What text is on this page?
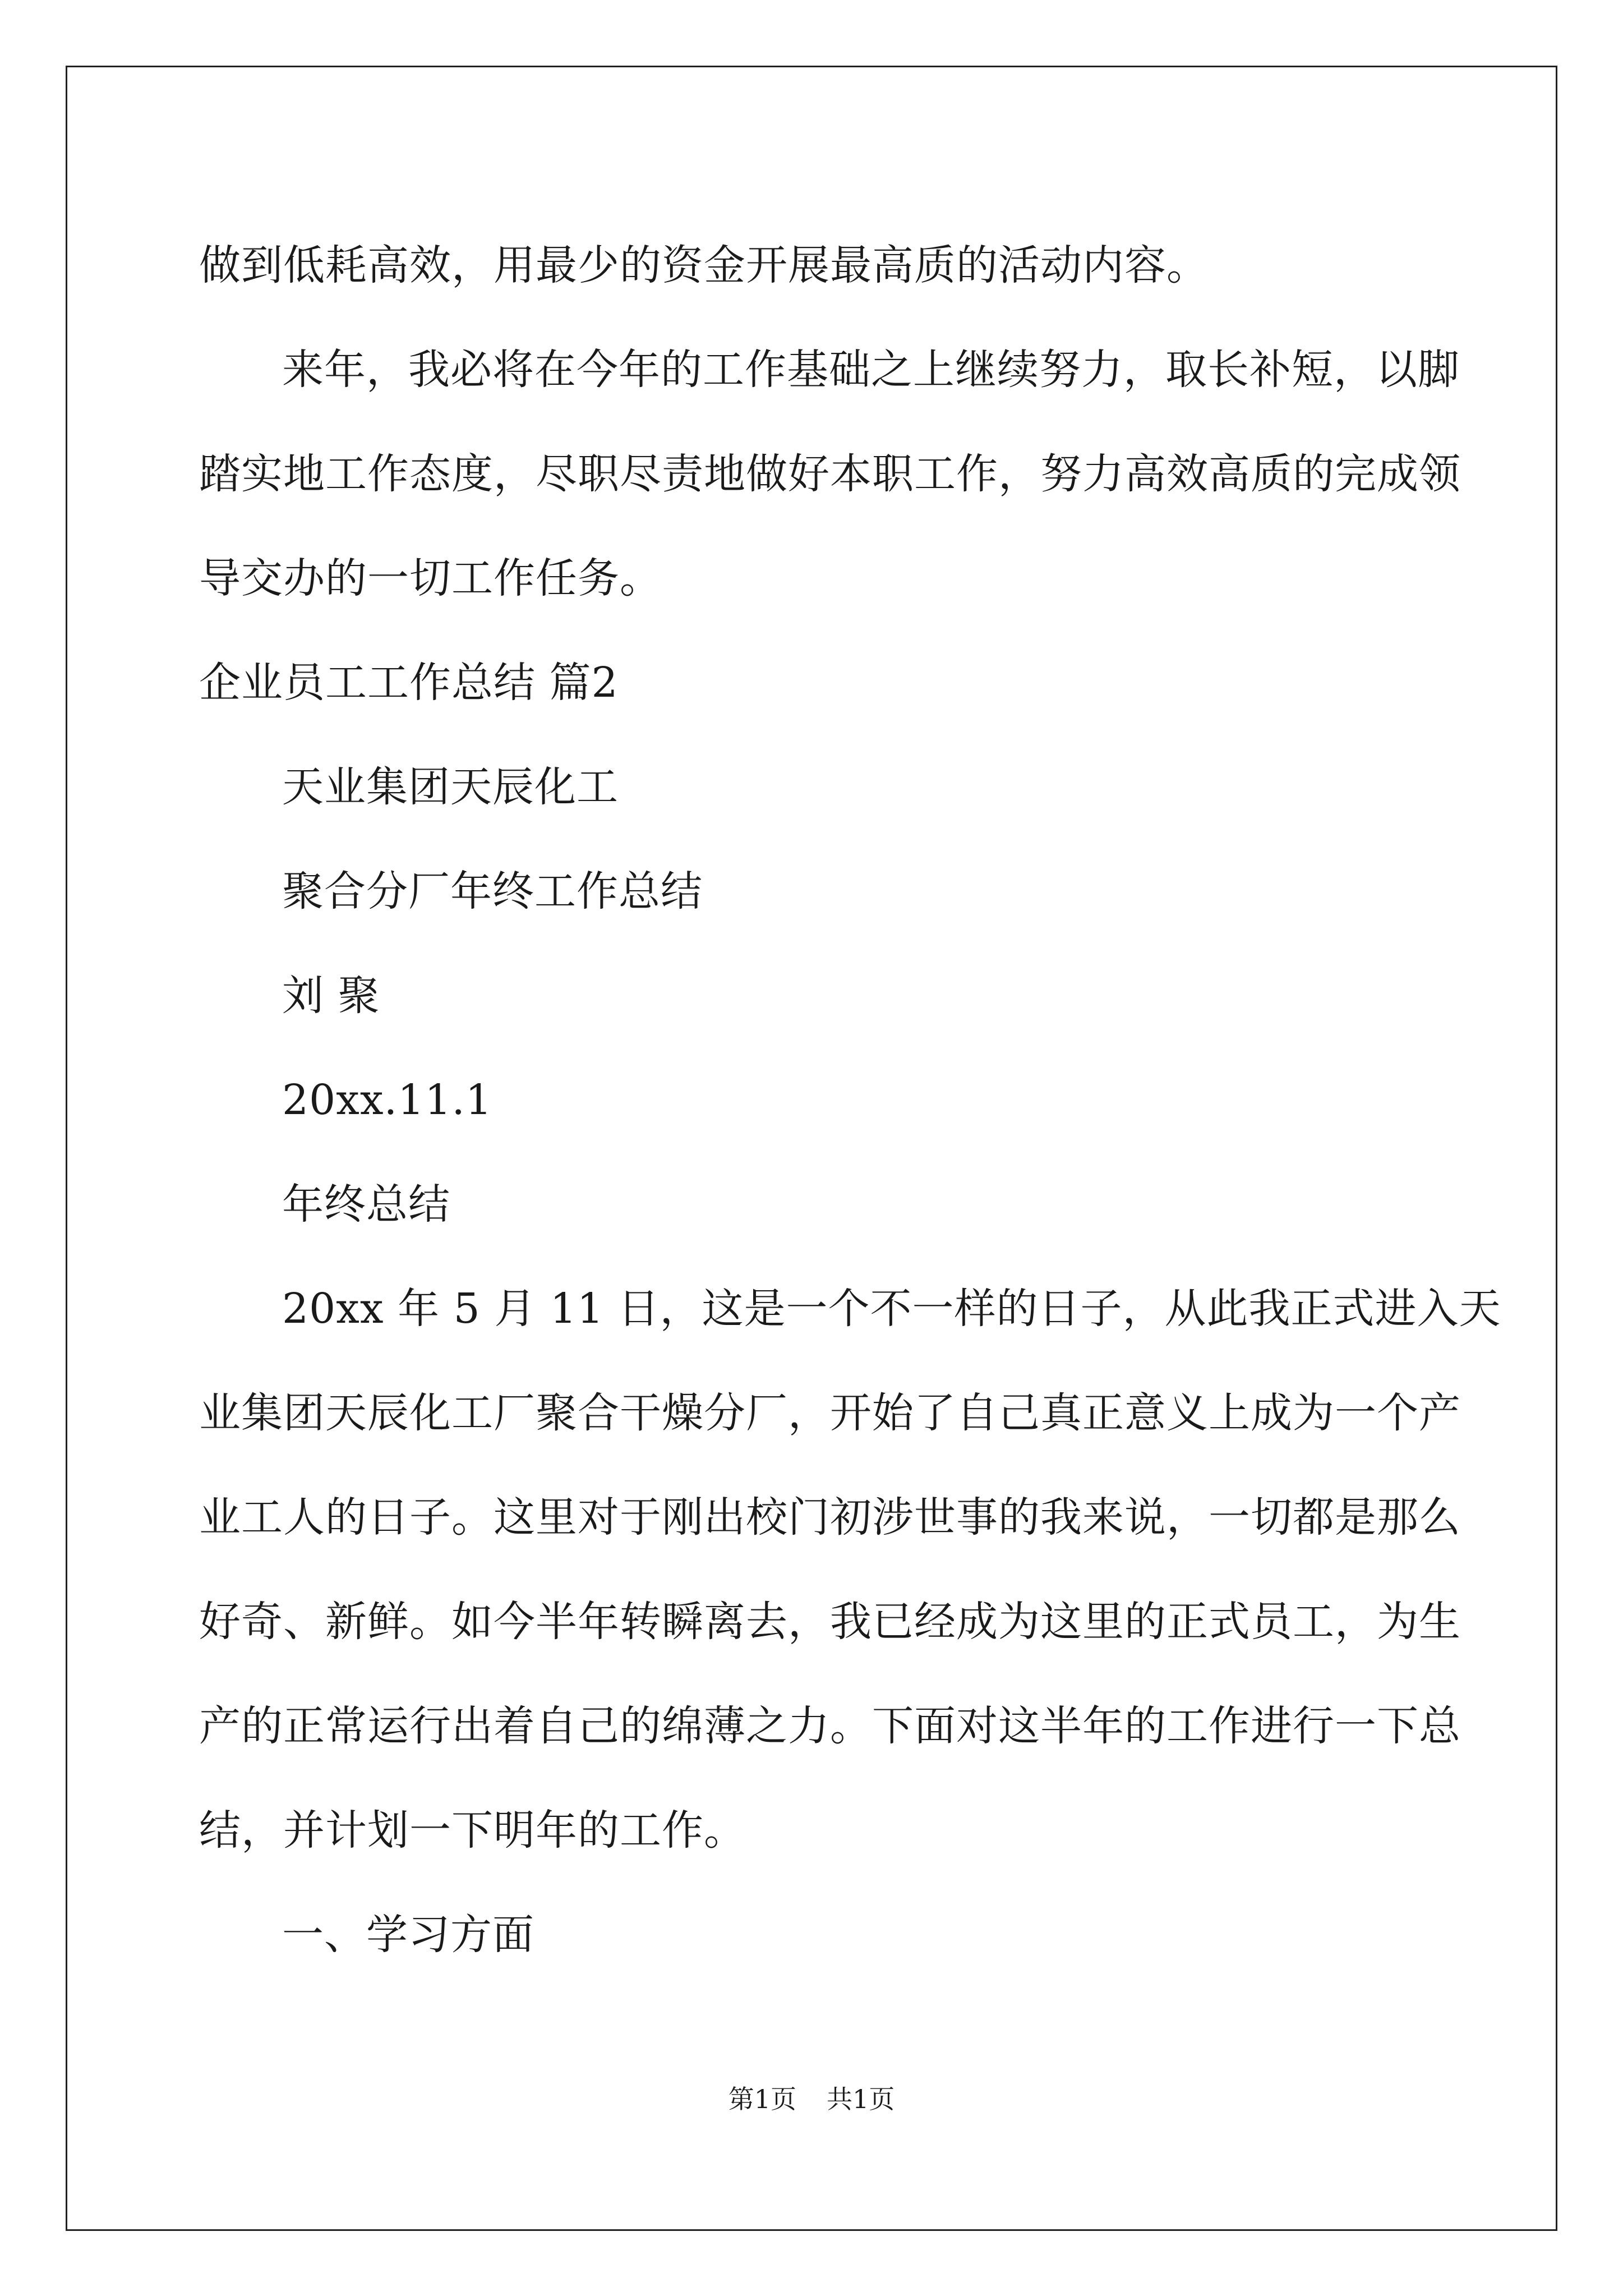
做到低耗高效，用最少的资金开展最高质的活动内容。
来年，我必将在今年的工作基础之上继续努力，取长补短，以脚
踏实地工作态度，尽职尽责地做好本职工作，努力高效高质的完成领
导交办的一切工作任务。
企业员工工作总结 篇2
天业集团天辰化工
聚合分厂年终工作总结
刘 聚
20xx.11.1
年终总结
20xx 年 5 月 11 日，这是一个不一样的日子，从此我正式进入天
业集团天辰化工厂聚合干燥分厂，开始了自己真正意义上成为一个产
业工人的日子。这里对于刚出校门初涉世事的我来说，一切都是那么
好奇、新鲜。如今半年转瞬离去，我已经成为这里的正式员工，为生
产的正常运行出着自己的绵薄之力。下面对这半年的工作进行一下总
结，并计划一下明年的工作。
一、学习方面
第1页 共1页
